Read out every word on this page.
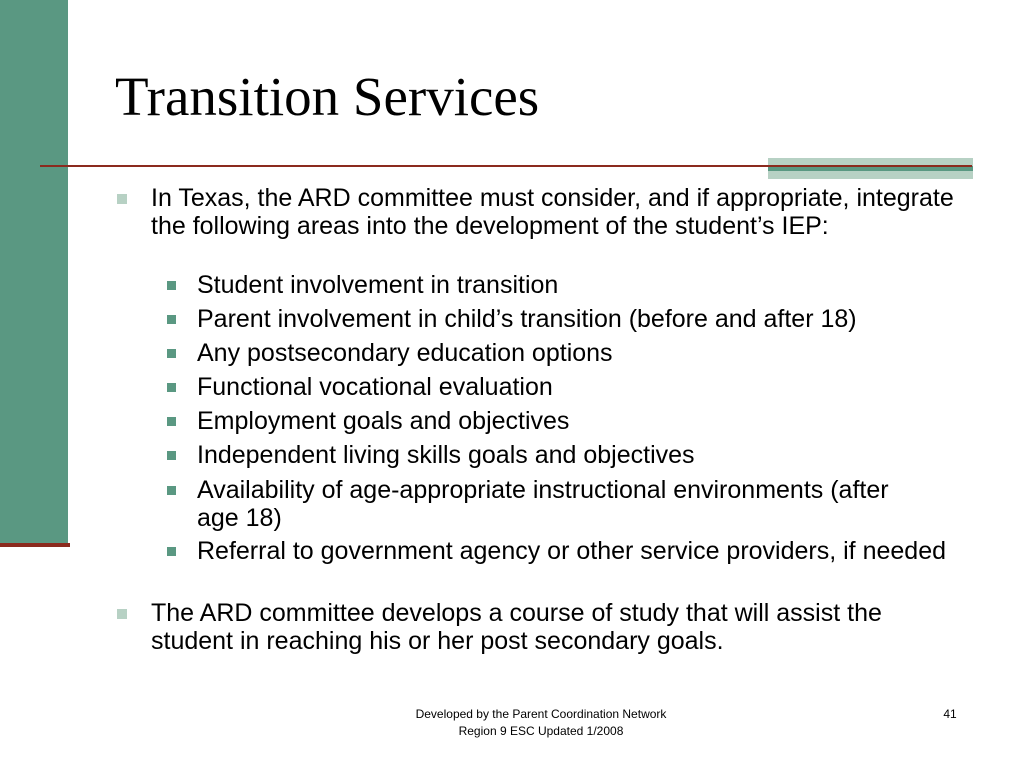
Transition Services
In Texas, the ARD committee must consider, and if appropriate, integrate the following areas into the development of the student’s IEP:
Student involvement in transition
Parent involvement in child’s transition (before and after 18)
Any postsecondary education options
Functional vocational evaluation
Employment goals and objectives
Independent living skills goals and objectives
Availability of age-appropriate instructional environments (after age 18)
Referral to government agency or other service providers, if needed
The ARD committee develops a course of study that will assist the student in reaching his or her post secondary goals.
Developed by the Parent Coordination Network
Region 9 ESC Updated 1/2008
41
